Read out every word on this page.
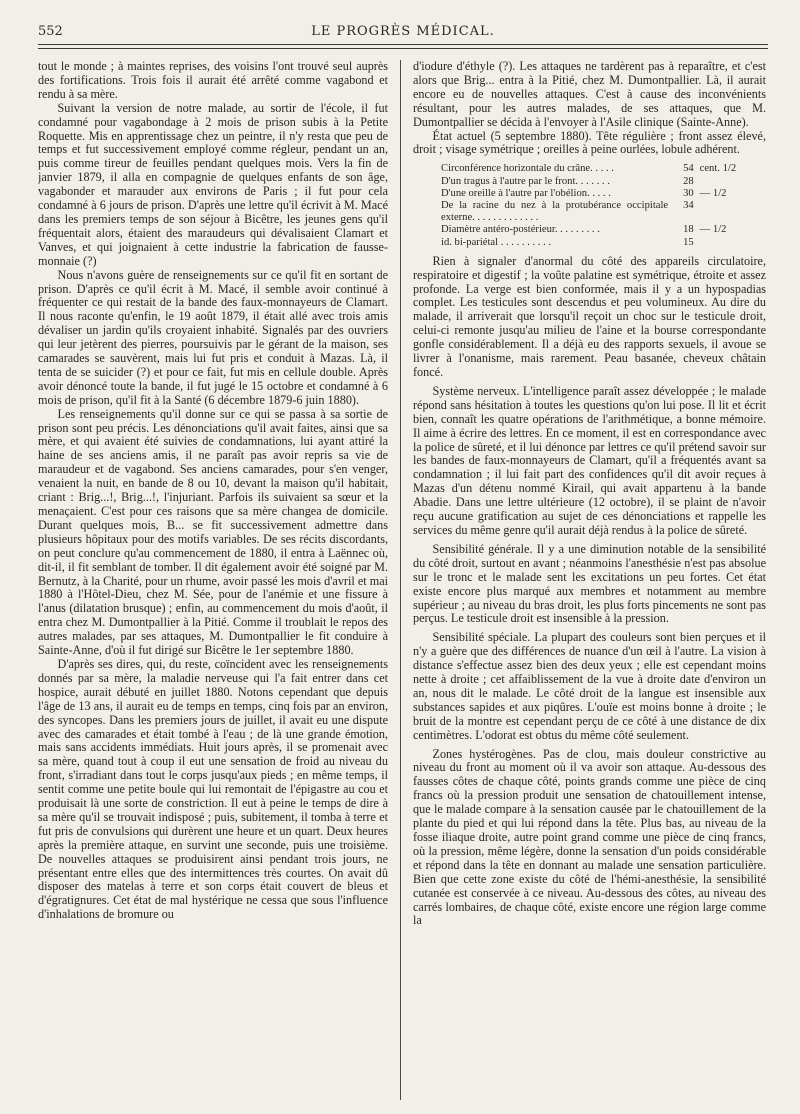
552	LE PROGRÈS MÉDICAL.

tout le monde ; à maintes reprises, des voisins l'ont trouvé seul auprès des fortifications. Trois fois il aurait été arrêté comme vagabond et rendu à sa mère.

Suivant la version de notre malade, au sortir de l'école, il fut condamné pour vagabondage à 2 mois de prison subis à la Petite Roquette. Mis en apprentissage chez un peintre, il n'y resta que peu de temps et fut successivement employé comme régleur, pendant un an, puis comme tireur de feuilles pendant quelques mois. Vers la fin de janvier 1879, il alla en compagnie de quelques enfants de son âge, vagabonder et marauder aux environs de Paris ; il fut pour cela condamné à 6 jours de prison. D'après une lettre qu'il écrivit à M. Macé dans les premiers temps de son séjour à Bicêtre, les jeunes gens qu'il fréquentait alors, étaient des maraudeurs qui dévalisaient Clamart et Vanves, et qui joignaient à cette industrie la fabrication de fausse-monnaie (?)

Nous n'avons guère de renseignements sur ce qu'il fit en sortant de prison. D'après ce qu'il écrit à M. Macé, il semble avoir continué à fréquenter ce qui restait de la bande des faux-monnayeurs de Clamart. Il nous raconte qu'enfin, le 19 août 1879, il était allé avec trois amis dévaliser un jardin qu'ils croyaient inhabité. Signalés par des ouvriers qui leur jetèrent des pierres, poursuivis par le gérant de la maison, ses camarades se sauvèrent, mais lui fut pris et conduit à Mazas. Là, il tenta de se suicider (?) et pour ce fait, fut mis en cellule double. Après avoir dénoncé toute la bande, il fut jugé le 15 octobre et condamné à 6 mois de prison, qu'il fit à la Santé (6 décembre 1879-6 juin 1880).

Les renseignements qu'il donne sur ce qui se passa à sa sortie de prison sont peu précis. Les dénonciations qu'il avait faites, ainsi que sa mère, et qui avaient été suivies de condamnations, lui ayant attiré la haine de ses anciens amis, il ne paraît pas avoir repris sa vie de maraudeur et de vagabond. Ses anciens camarades, pour s'en venger, venaient la nuit, en bande de 8 ou 10, devant la maison qu'il habitait, criant : Brig...!, Brig...!, l'injuriant. Parfois ils suivaient sa sœur et la menaçaient. C'est pour ces raisons que sa mère changea de domicile. Durant quelques mois, B... se fit successivement admettre dans plusieurs hôpitaux pour des motifs variables. De ses récits discordants, on peut conclure qu'au commencement de 1880, il entra à Laënnec où, dit-il, il fit semblant de tomber. Il dit également avoir été soigné par M. Bernutz, à la Charité, pour un rhume, avoir passé les mois d'avril et mai 1880 à l'Hôtel-Dieu, chez M. Sée, pour de l'anémie et une fissure à l'anus (dilatation brusque) ; enfin, au commencement du mois d'août, il entra chez M. Dumontpallier à la Pitié. Comme il troublait le repos des autres malades, par ses attaques, M. Dumontpallier le fit conduire à Sainte-Anne, d'où il fut dirigé sur Bicêtre le 1er septembre 1880.

D'après ses dires, qui, du reste, coïncident avec les renseignements donnés par sa mère, la maladie nerveuse qui l'a fait entrer dans cet hospice, aurait débuté en juillet 1880. Notons cependant que depuis l'âge de 13 ans, il aurait eu de temps en temps, cinq fois par an environ, des syncopes. Dans les premiers jours de juillet, il avait eu une dispute avec des camarades et était tombé à l'eau ; de là une grande émotion, mais sans accidents immédiats. Huit jours après, il se promenait avec sa mère, quand tout à coup il eut une sensation de froid au niveau du front, s'irradiant dans tout le corps jusqu'aux pieds ; en même temps, il sentit comme une petite boule qui lui remontait de l'épigastre au cou et produisait là une sorte de constriction. Il eut à peine le temps de dire à sa mère qu'il se trouvait indisposé ; puis, subitement, il tomba à terre et fut pris de convulsions qui durèrent une heure et un quart. Deux heures après la première attaque, en survint une seconde, puis une troisième. De nouvelles attaques se produisirent ainsi pendant trois jours, ne présentant entre elles que des intermittences très courtes. On avait dû disposer des matelas à terre et son corps était couvert de bleus et d'égratignures. Cet état de mal hystérique ne cessa que sous l'influence d'inhalations de bromure ou

d'iodure d'éthyle (?). Les attaques ne tardèrent pas à reparaître, et c'est alors que Brig... entra à la Pitié, chez M. Dumontpallier. Là, il aurait encore eu de nouvelles attaques. C'est à cause des inconvénients résultant, pour les autres malades, de ses attaques, que M. Dumontpallier se décida à l'envoyer à l'Asile clinique (Sainte-Anne).

État actuel (5 septembre 1880). Tête régulière ; front assez élevé, droit ; visage symétrique ; oreilles à peine ourlées, lobule adhérent.

Circonférence horizontale du crâne. . . . .	54	cent. 1/2
D'un tragus à l'autre par le front. . . . . . .	28	
D'une oreille à l'autre par l'obélion. . . . .	30	— 1/2
De la racine du nez à la protubérance occipitale externe. . . . . . . . . . . . .	34	
Diamètre antéro-postérieur. . . . . . . . .	18	— 1/2
id. bi-pariétal . . . . . . . . . .	15	

Rien à signaler d'anormal du côté des appareils circulatoire, respiratoire et digestif ; la voûte palatine est symétrique, étroite et assez profonde. La verge est bien conformée, mais il y a un hypospadias complet. Les testicules sont descendus et peu volumineux. Au dire du malade, il arriverait que lorsqu'il reçoit un choc sur le testicule droit, celui-ci remonte jusqu'au milieu de l'aine et la bourse correspondante gonfle considérablement. Il a déjà eu des rapports sexuels, il avoue se livrer à l'onanisme, mais rarement. Peau basanée, cheveux châtain foncé.

Système nerveux. L'intelligence paraît assez développée ; le malade répond sans hésitation à toutes les questions qu'on lui pose. Il lit et écrit bien, connaît les quatre opérations de l'arithmétique, a bonne mémoire. Il aime à écrire des lettres. En ce moment, il est en correspondance avec la police de sûreté, et il lui dénonce par lettres ce qu'il prétend savoir sur les bandes de faux-monnayeurs de Clamart, qu'il a fréquentés avant sa condamnation ; il lui fait part des confidences qu'il dit avoir reçues à Mazas d'un détenu nommé Kirail, qui avait appartenu à la bande Abadie. Dans une lettre ultérieure (12 octobre), il se plaint de n'avoir reçu aucune gratification au sujet de ces dénonciations et rappelle les services du même genre qu'il aurait déjà rendus à la police de sûreté.

Sensibilité générale. Il y a une diminution notable de la sensibilité du côté droit, surtout en avant ; néanmoins l'anesthésie n'est pas absolue sur le tronc et le malade sent les excitations un peu fortes. Cet état existe encore plus marqué aux membres et notamment au membre supérieur ; au niveau du bras droit, les plus forts pincements ne sont pas perçus. Le testicule droit est insensible à la pression.

Sensibilité spéciale. La plupart des couleurs sont bien perçues et il n'y a guère que des différences de nuance d'un œil à l'autre. La vision à distance s'effectue assez bien des deux yeux ; elle est cependant moins nette à droite ; cet affaiblissement de la vue à droite date d'environ un an, nous dit le malade. Le côté droit de la langue est insensible aux substances sapides et aux piqûres. L'ouïe est moins bonne à droite ; le bruit de la montre est cependant perçu de ce côté à une distance de dix centimètres. L'odorat est obtus du même côté seulement.

Zones hystérogènes. Pas de clou, mais douleur constrictive au niveau du front au moment où il va avoir son attaque. Au-dessous des fausses côtes de chaque côté, points grands comme une pièce de cinq francs où la pression produit une sensation de chatouillement intense, que le malade compare à la sensation causée par le chatouillement de la plante du pied et qui lui répond dans la tête. Plus bas, au niveau de la fosse iliaque droite, autre point grand comme une pièce de cinq francs, où la pression, même légère, donne la sensation d'un poids considérable et répond dans la tête en donnant au malade une sensation particulière. Bien que cette zone existe du côté de l'hémi-anesthésie, la sensibilité cutanée est conservée à ce niveau. Au-dessous des côtes, au niveau des carrés lombaires, de chaque côté, existe encore une région large comme la
